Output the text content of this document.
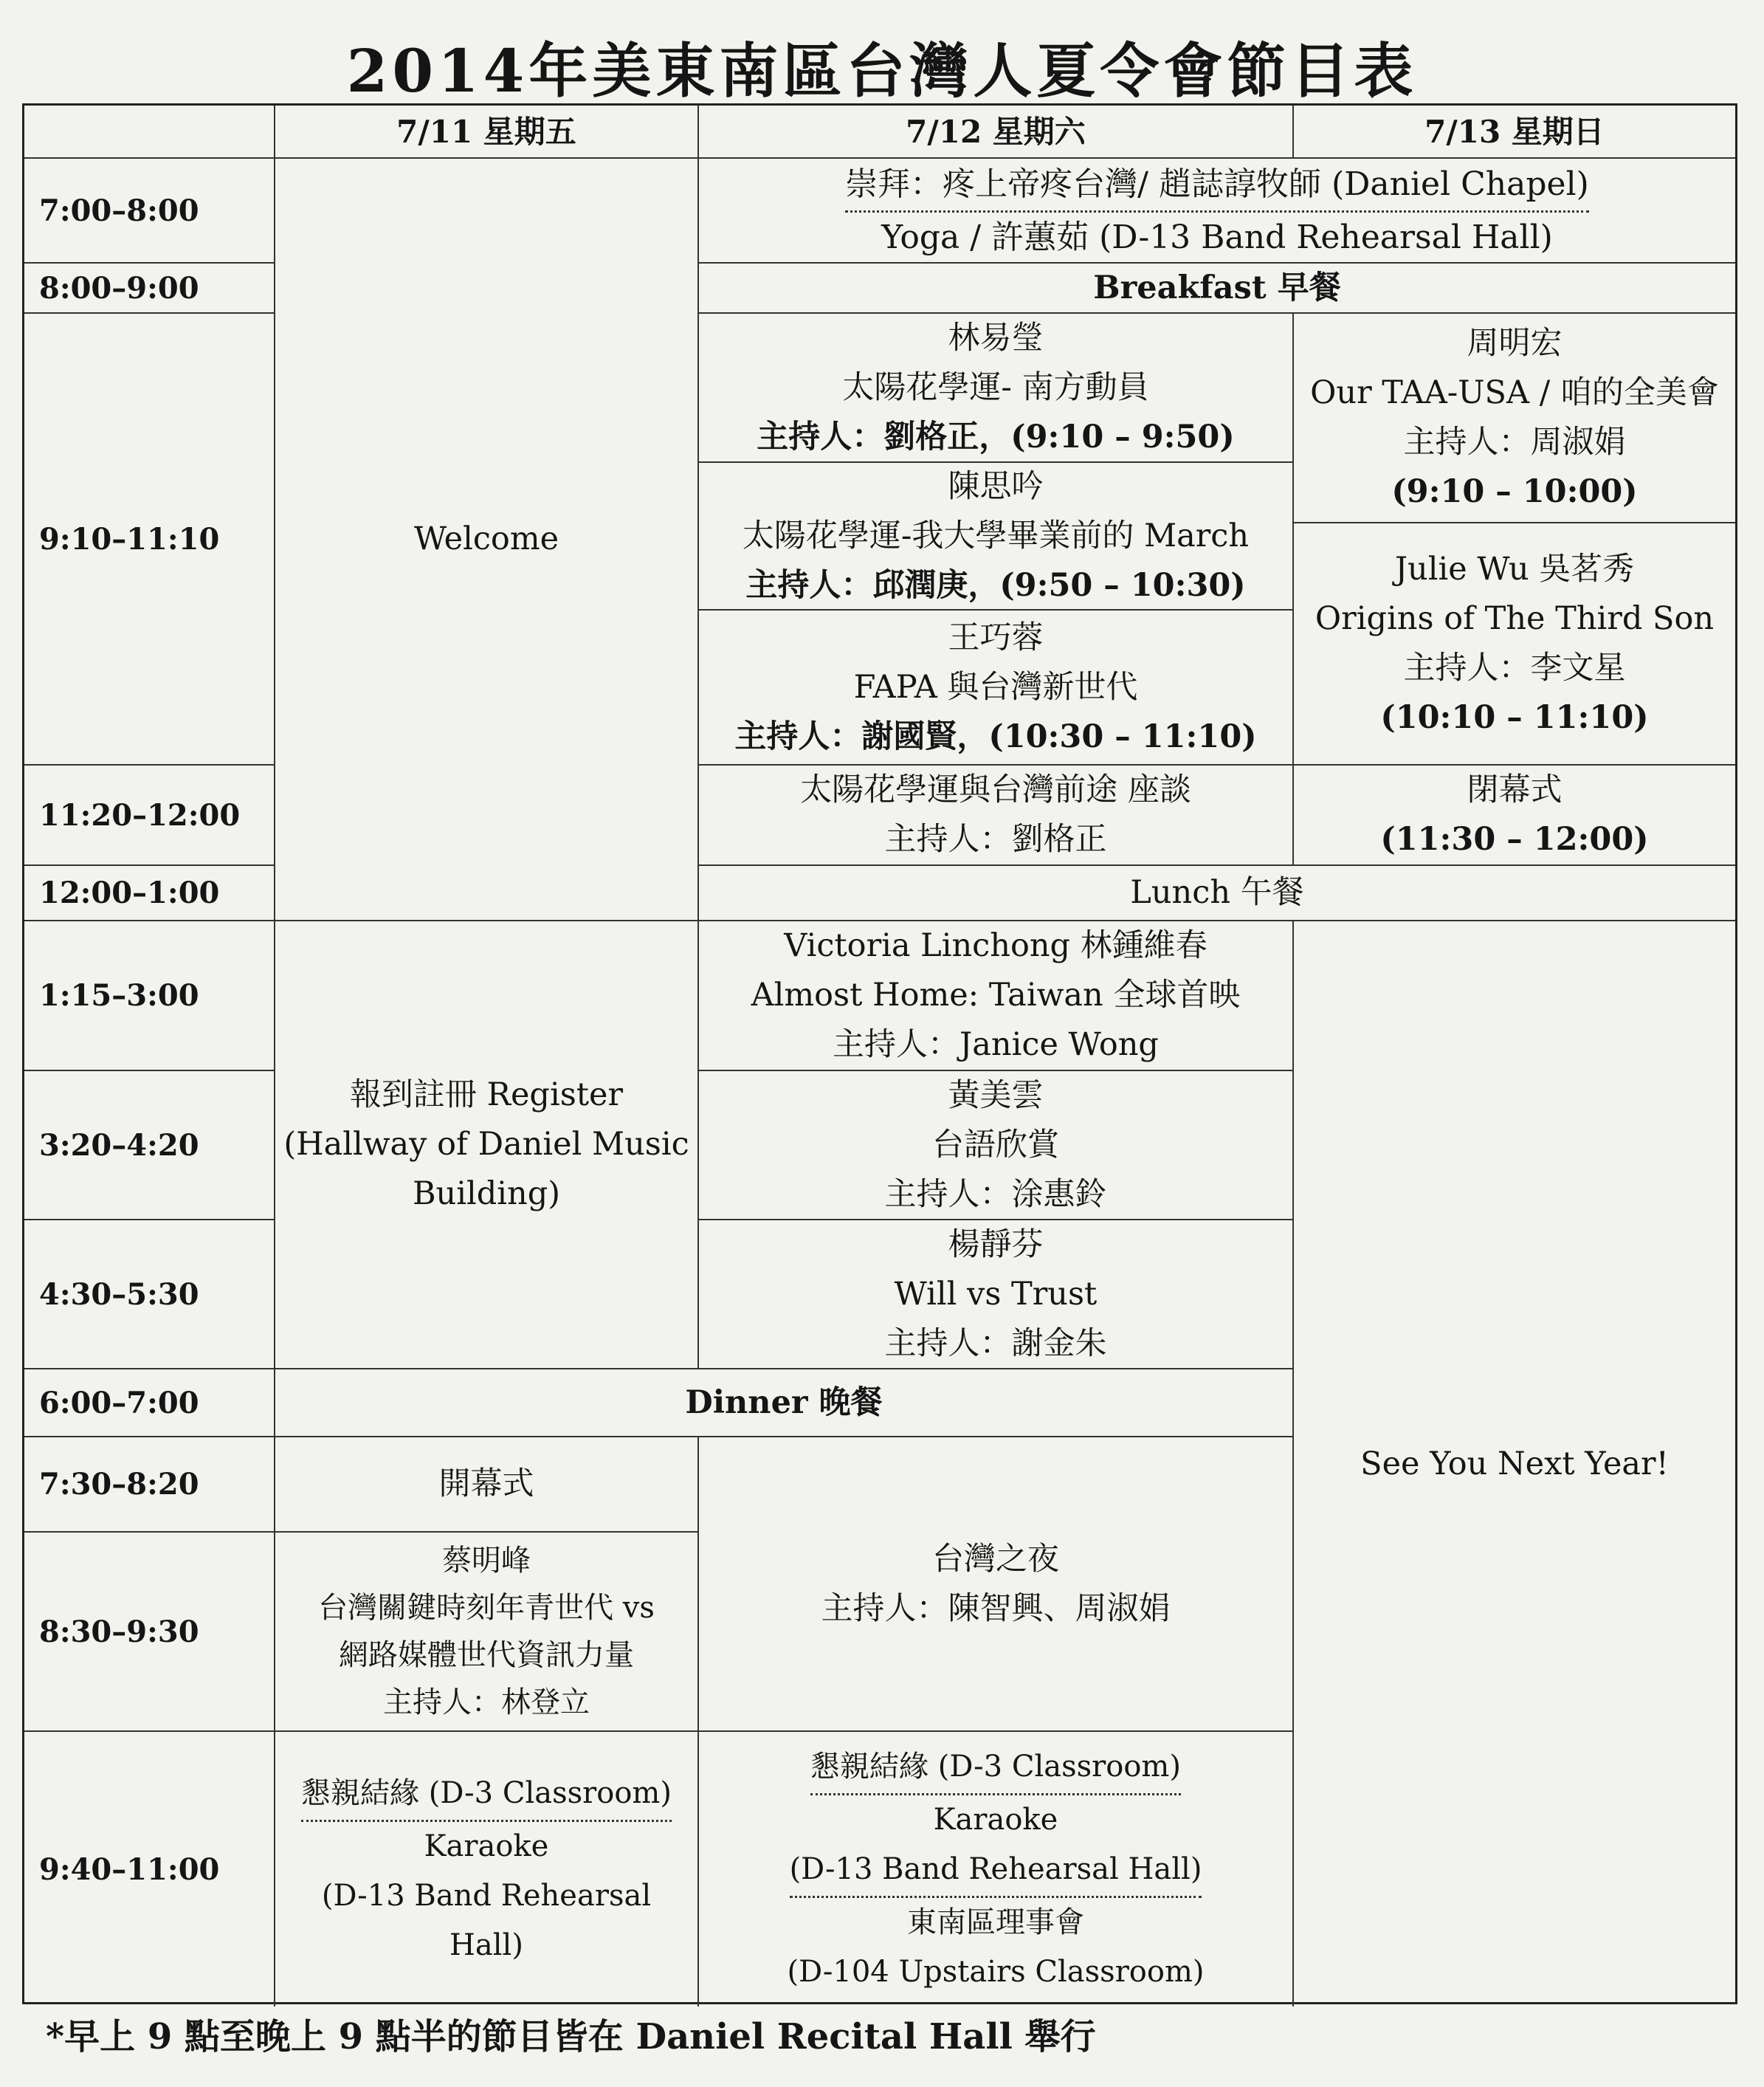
2014年美東南區台灣人夏令會節目表
7/11 星期五	7/12 星期六	7/13 星期日
7:00–8:00
8:00–9:00
9:10–11:10
11:20–12:00
12:00–1:00
1:15–3:00
3:20–4:20
4:30–5:30
6:00–7:00
7:30–8:20
8:30–9:30
9:40–11:00
Welcome
報到註冊 Register
(Hallway of Daniel Music
Building)
開幕式
蔡明峰
台灣關鍵時刻年青世代 vs
網路媒體世代資訊力量
主持人：林登立
懇親結緣 (D-3 Classroom)
Karaoke
(D-13 Band Rehearsal Hall)
崇拜：疼上帝疼台灣/ 趙誌諄牧師 (Daniel Chapel)
Yoga / 許蕙茹 (D-13 Band Rehearsal Hall)
Breakfast 早餐
林易瑩
太陽花學運- 南方動員
主持人：劉格正，(9:10 – 9:50)
陳思吟
太陽花學運-我大學畢業前的 March
主持人：邱潤庚，(9:50 – 10:30)
王巧蓉
FAPA 與台灣新世代
主持人：謝國賢，(10:30 – 11:10)
太陽花學運與台灣前途 座談
主持人：劉格正
周明宏
Our TAA-USA / 咱的全美會
主持人：周淑娟
(9:10 – 10:00)
Julie Wu 吳茗秀
Origins of The Third Son
主持人：李文星
(10:10 – 11:10)
閉幕式
(11:30 – 12:00)
Lunch 午餐
Victoria Linchong 林鍾維春
Almost Home: Taiwan 全球首映
主持人：Janice Wong
黃美雲
台語欣賞
主持人：涂惠鈴
楊靜芬
Will vs Trust
主持人：謝金朱
Dinner 晚餐
台灣之夜
主持人：陳智興、周淑娟
懇親結緣 (D-3 Classroom)
Karaoke
(D-13 Band Rehearsal Hall)
東南區理事會
(D-104 Upstairs Classroom)
See You Next Year!
*早上 9 點至晚上 9 點半的節目皆在 Daniel Recital Hall 舉行
